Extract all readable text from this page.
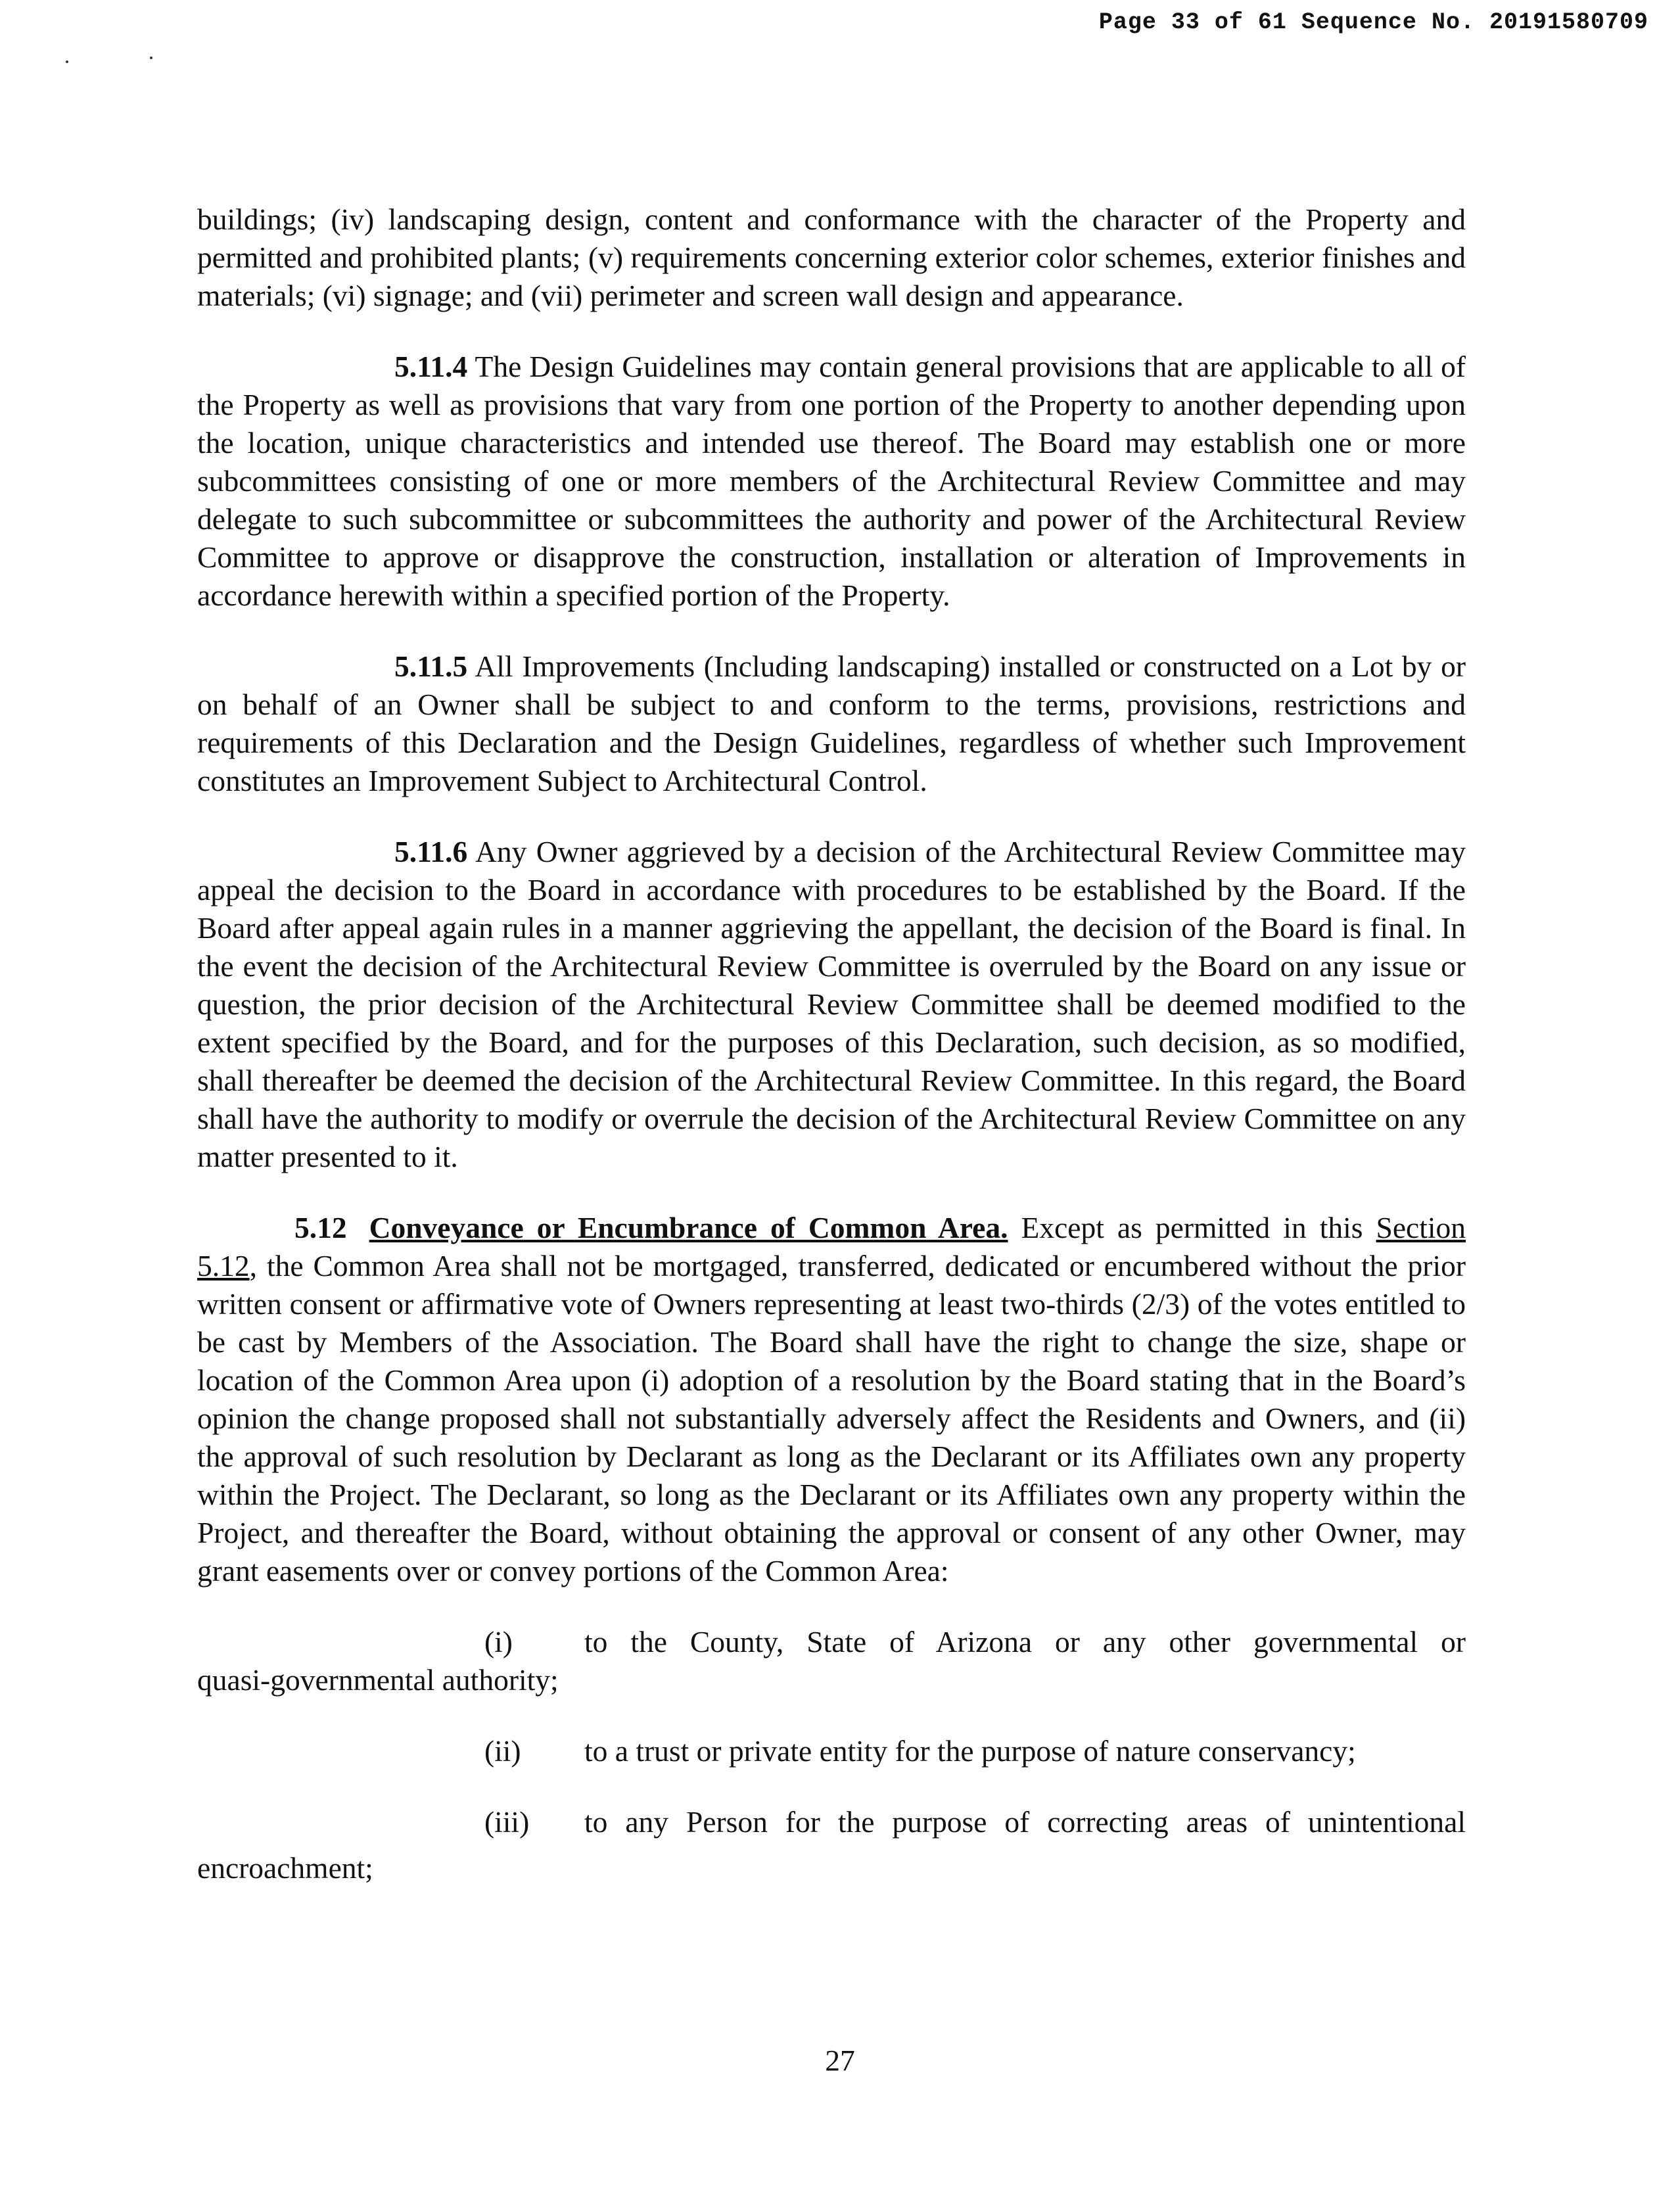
Page 33 of 61 Sequence No. 20191580709

buildings; (iv) landscaping design, content and conformance with the character of the Property and permitted and prohibited plants; (v) requirements concerning exterior color schemes, exterior finishes and materials; (vi) signage; and (vii) perimeter and screen wall design and appearance.

5.11.4 The Design Guidelines may contain general provisions that are applicable to all of the Property as well as provisions that vary from one portion of the Property to another depending upon the location, unique characteristics and intended use thereof. The Board may establish one or more subcommittees consisting of one or more members of the Architectural Review Committee and may delegate to such subcommittee or subcommittees the authority and power of the Architectural Review Committee to approve or disapprove the construction, installation or alteration of Improvements in accordance herewith within a specified portion of the Property.

5.11.5 All Improvements (Including landscaping) installed or constructed on a Lot by or on behalf of an Owner shall be subject to and conform to the terms, provisions, restrictions and requirements of this Declaration and the Design Guidelines, regardless of whether such Improvement constitutes an Improvement Subject to Architectural Control.

5.11.6 Any Owner aggrieved by a decision of the Architectural Review Committee may appeal the decision to the Board in accordance with procedures to be established by the Board. If the Board after appeal again rules in a manner aggrieving the appellant, the decision of the Board is final. In the event the decision of the Architectural Review Committee is overruled by the Board on any issue or question, the prior decision of the Architectural Review Committee shall be deemed modified to the extent specified by the Board, and for the purposes of this Declaration, such decision, as so modified, shall thereafter be deemed the decision of the Architectural Review Committee. In this regard, the Board shall have the authority to modify or overrule the decision of the Architectural Review Committee on any matter presented to it.

5.12 Conveyance or Encumbrance of Common Area. Except as permitted in this Section 5.12, the Common Area shall not be mortgaged, transferred, dedicated or encumbered without the prior written consent or affirmative vote of Owners representing at least two-thirds (2/3) of the votes entitled to be cast by Members of the Association. The Board shall have the right to change the size, shape or location of the Common Area upon (i) adoption of a resolution by the Board stating that in the Board’s opinion the change proposed shall not substantially adversely affect the Residents and Owners, and (ii) the approval of such resolution by Declarant as long as the Declarant or its Affiliates own any property within the Project. The Declarant, so long as the Declarant or its Affiliates own any property within the Project, and thereafter the Board, without obtaining the approval or consent of any other Owner, may grant easements over or convey portions of the Common Area:

(i)	to the County, State of Arizona or any other governmental or
quasi-governmental authority;
(ii)	to a trust or private entity for the purpose of nature conservancy;
(iii)	to any Person for the purpose of correcting areas of unintentional
encroachment;
27
